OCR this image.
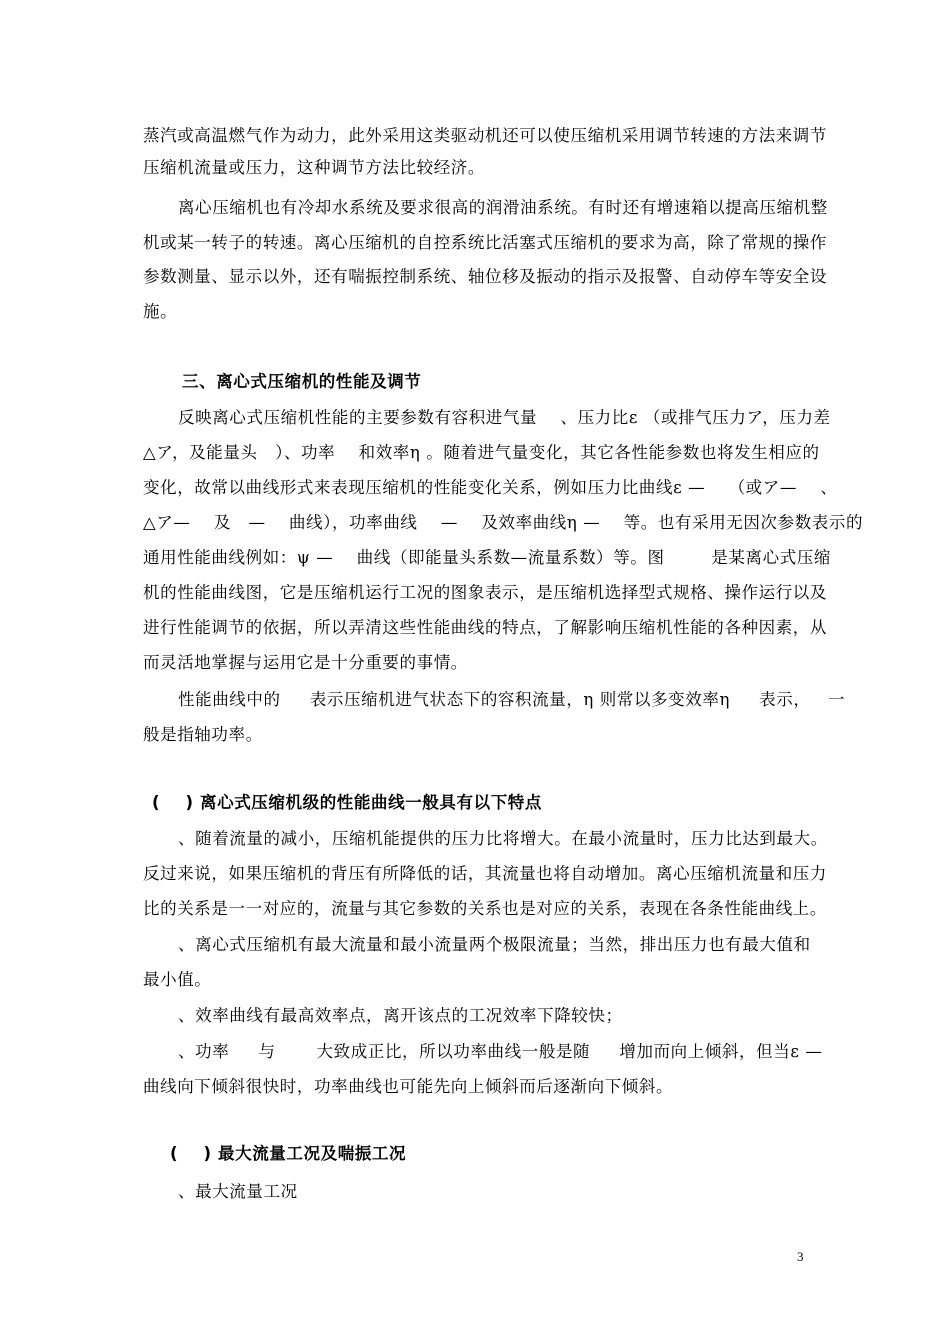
蒸汽或高温燃气作为动力，此外采用这类驱动机还可以使压缩机采用调节转速的方法来调节
压缩机流量或压力，这种调节方法比较经济。
离心压缩机也有冷却水系统及要求很高的润滑油系统。有时还有增速箱以提高压缩机整
机或某一转子的转速。离心压缩机的自控系统比活塞式压缩机的要求为高，除了常规的操作
参数测量、显示以外，还有喘振控制系统、轴位移及振动的指示及报警、自动停车等安全设
施。
三、离心式压缩机的性能及调节
反映离心式压缩机性能的主要参数有容积进气量    、压力比ε （或排气压力ア，压力差
△ア，及能量头   ）、功率    和效率η 。随着进气量变化，其它各性能参数也将发生相应的
变化，故常以曲线形式来表现压缩机的性能变化关系，例如压力比曲线ε —    （或ア—    、
△ア—    及   —    曲线），功率曲线    —    及效率曲线η —    等。也有采用无因次参数表示的
通用性能曲线例如：ψ —    曲线（即能量头系数—流量系数）等。图        是某离心式压缩
机的性能曲线图，它是压缩机运行工况的图象表示，是压缩机选择型式规格、操作运行以及
进行性能调节的依据，所以弄清这些性能曲线的特点，了解影响压缩机性能的各种因素，从
而灵活地掌握与运用它是十分重要的事情。
性能曲线中的     表示压缩机进气状态下的容积流量，η 则常以多变效率η     表示，   一
般是指轴功率。
(    ) 离心式压缩机级的性能曲线一般具有以下特点
、随着流量的减小，压缩机能提供的压力比将增大。在最小流量时，压力比达到最大。
反过来说，如果压缩机的背压有所降低的话，其流量也将自动增加。离心压缩机流量和压力
比的关系是一一对应的，流量与其它参数的关系也是对应的关系，表现在各条性能曲线上。
、离心式压缩机有最大流量和最小流量两个极限流量；当然，排出压力也有最大值和
最小值。
、效率曲线有最高效率点，离开该点的工况效率下降较快；
、功率     与       大致成正比，所以功率曲线一般是随     增加而向上倾斜，但当ε —
曲线向下倾斜很快时，功率曲线也可能先向上倾斜而后逐渐向下倾斜。
(    ) 最大流量工况及喘振工况
、最大流量工况
3
